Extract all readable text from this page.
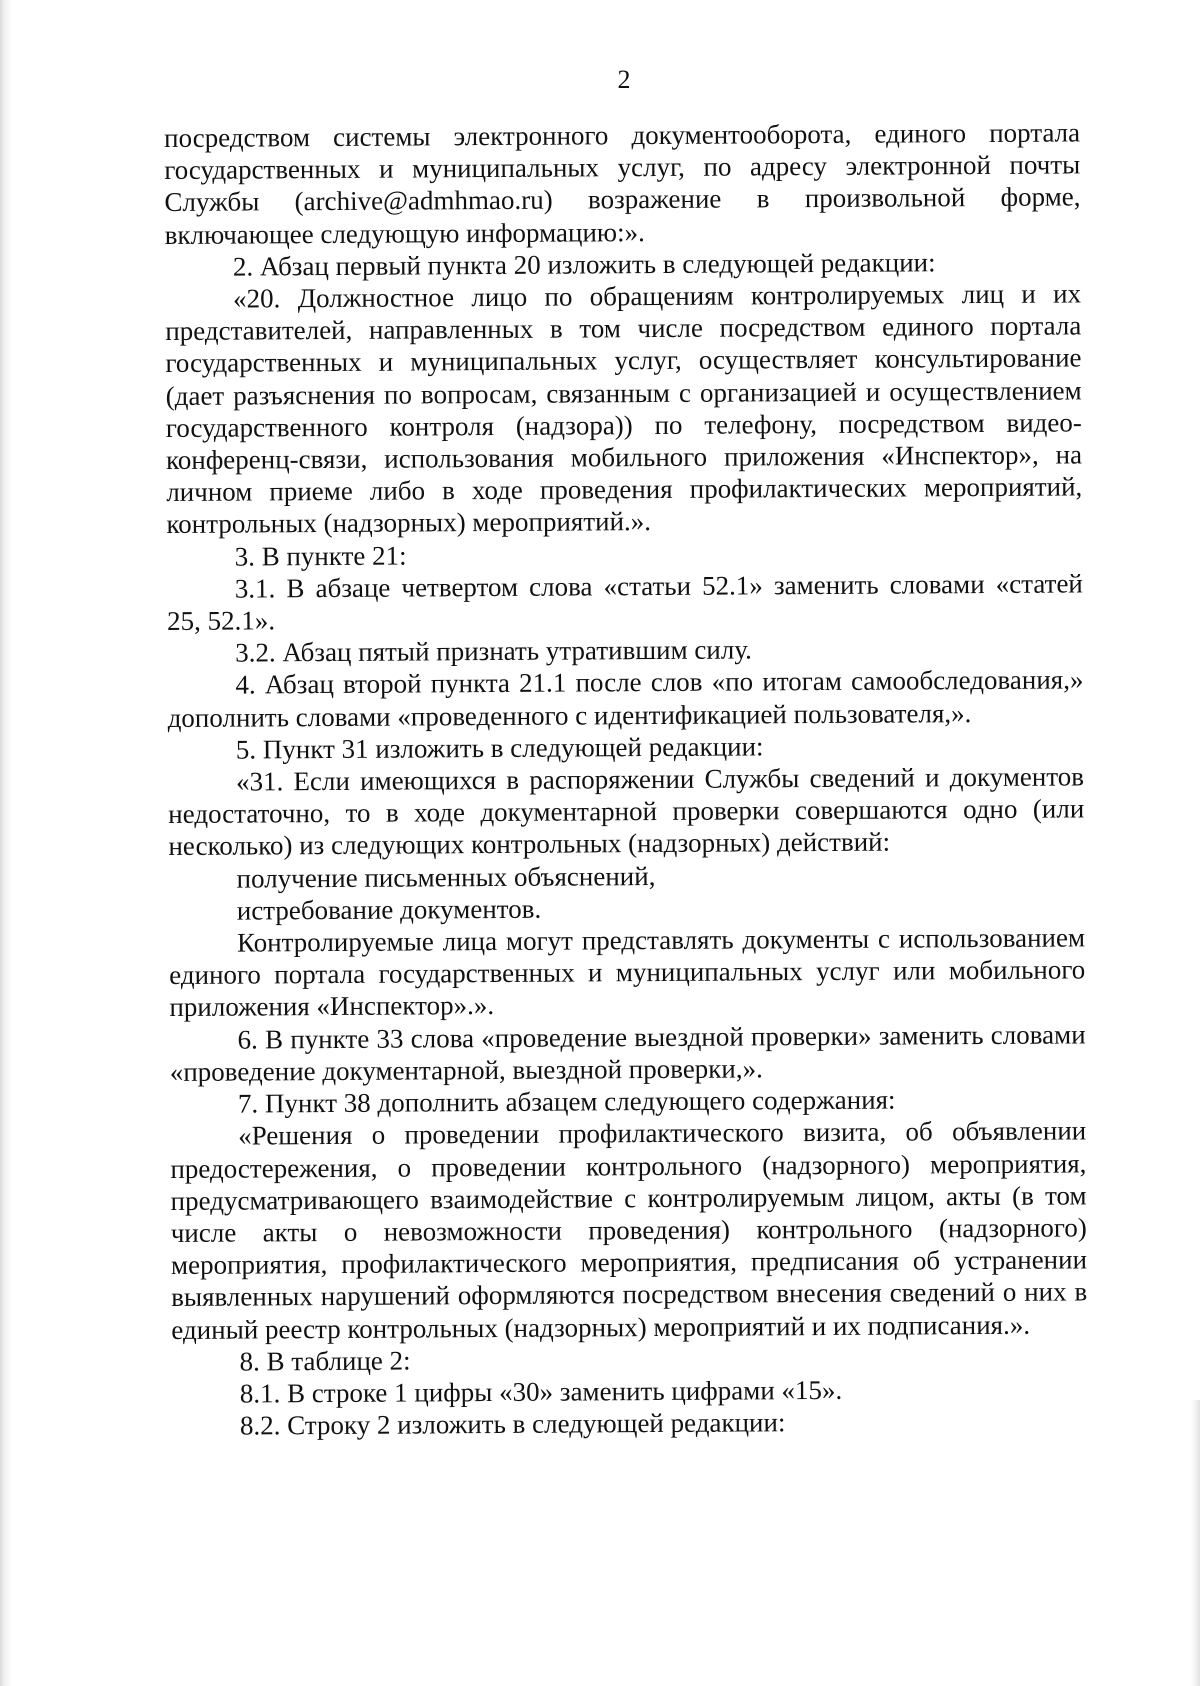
2

посредством системы электронного документооборота, единого портала государственных и муниципальных услуг, по адресу электронной почты Службы (archive@admhmao.ru) возражение в произвольной форме, включающее следующую информацию:».

2. Абзац первый пункта 20 изложить в следующей редакции:

«20. Должностное лицо по обращениям контролируемых лиц и их представителей, направленных в том числе посредством единого портала государственных и муниципальных услуг, осуществляет консультирование (дает разъяснения по вопросам, связанным с организацией и осуществлением государственного контроля (надзора)) по телефону, посредством видео-конференц-связи, использования мобильного приложения «Инспектор», на личном приеме либо в ходе проведения профилактических мероприятий, контрольных (надзорных) мероприятий.».

3. В пункте 21:

3.1. В абзаце четвертом слова «статьи 52.1» заменить словами «статей 25, 52.1».

3.2. Абзац пятый признать утратившим силу.

4. Абзац второй пункта 21.1 после слов «по итогам самообследования,» дополнить словами «проведенного с идентификацией пользователя,».

5. Пункт 31 изложить в следующей редакции:

«31. Если имеющихся в распоряжении Службы сведений и документов недостаточно, то в ходе документарной проверки совершаются одно (или несколько) из следующих контрольных (надзорных) действий:

получение письменных объяснений,

истребование документов.

Контролируемые лица могут представлять документы с использованием единого портала государственных и муниципальных услуг или мобильного приложения «Инспектор».».

6. В пункте 33 слова «проведение выездной проверки» заменить словами «проведение документарной, выездной проверки,».

7. Пункт 38 дополнить абзацем следующего содержания:

«Решения о проведении профилактического визита, об объявлении предостережения, о проведении контрольного (надзорного) мероприятия, предусматривающего взаимодействие с контролируемым лицом, акты (в том числе акты о невозможности проведения) контрольного (надзорного) мероприятия, профилактического мероприятия, предписания об устранении выявленных нарушений оформляются посредством внесения сведений о них в единый реестр контрольных (надзорных) мероприятий и их подписания.».

8. В таблице 2:

8.1. В строке 1 цифры «30» заменить цифрами «15».

8.2. Строку 2 изложить в следующей редакции:
